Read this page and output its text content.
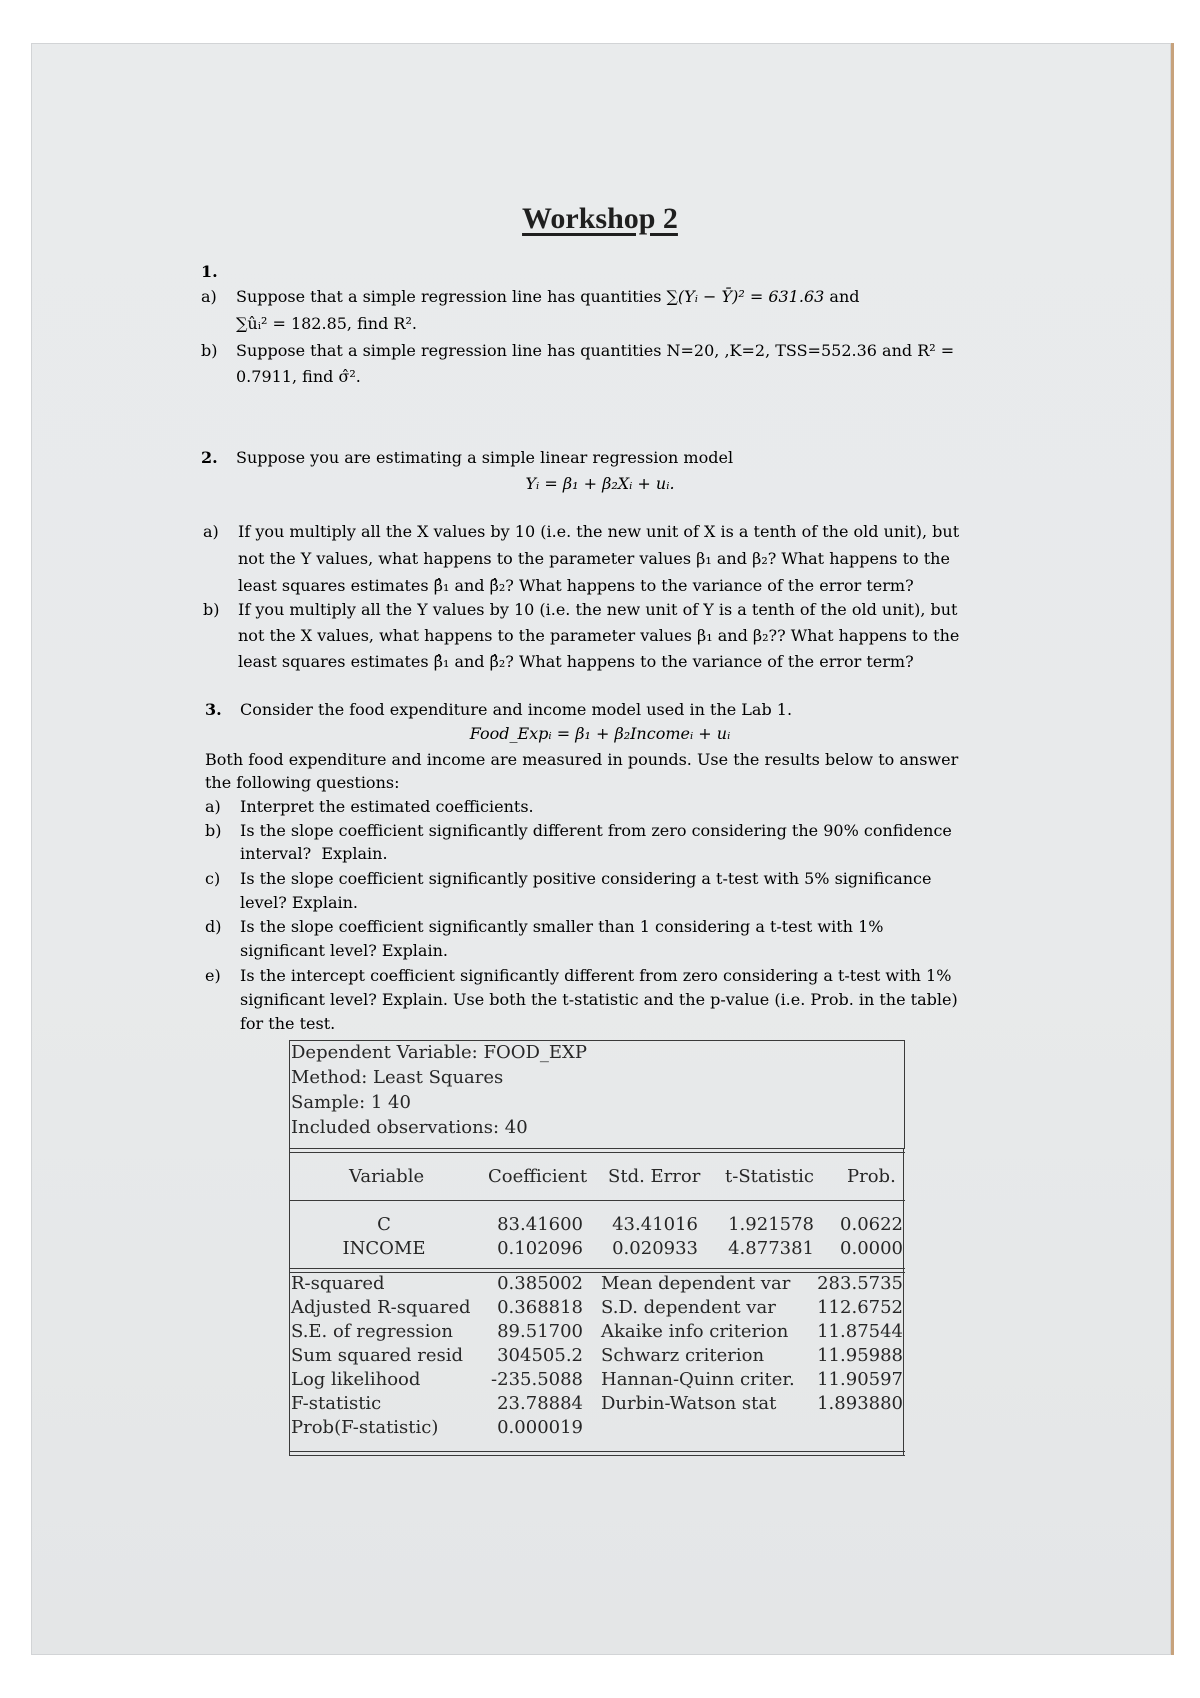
Workshop 2
1.
a) Suppose that a simple regression line has quantities ∑(Yᵢ − Ȳ)² = 631.63 and
∑ûᵢ² = 182.85, find R².
b) Suppose that a simple regression line has quantities N=20, ,K=2, TSS=552.36 and R² =
0.7911, find σ̂².
2. Suppose you are estimating a simple linear regression model
Yᵢ = β₁ + β₂Xᵢ + uᵢ.
a) If you multiply all the X values by 10 (i.e. the new unit of X is a tenth of the old unit), but
not the Y values, what happens to the parameter values β₁ and β₂? What happens to the
least squares estimates β̂₁ and β̂₂? What happens to the variance of the error term?
b) If you multiply all the Y values by 10 (i.e. the new unit of Y is a tenth of the old unit), but
not the X values, what happens to the parameter values β₁ and β₂?? What happens to the
least squares estimates β̂₁ and β̂₂? What happens to the variance of the error term?
3. Consider the food expenditure and income model used in the Lab 1.
Food_Expᵢ = β₁ + β₂Incomeᵢ + uᵢ
Both food expenditure and income are measured in pounds. Use the results below to answer
the following questions:
a) Interpret the estimated coefficients.
b) Is the slope coefficient significantly different from zero considering the 90% confidence
interval?  Explain.
c) Is the slope coefficient significantly positive considering a t-test with 5% significance
level? Explain.
d) Is the slope coefficient significantly smaller than 1 considering a t-test with 1%
significant level? Explain.
e) Is the intercept coefficient significantly different from zero considering a t-test with 1%
significant level? Explain. Use both the t-statistic and the p-value (i.e. Prob. in the table)
for the test.
Dependent Variable: FOOD_EXP
Method: Least Squares
Sample: 1 40
Included observations: 40
Variable	Coefficient Std. Error t-Statistic Prob.
C	83.41600 43.41016 1.921578 0.0622
INCOME	0.102096 0.020933 4.877381 0.0000
R-squared	0.385002 Mean dependent var 283.5735
Adjusted R-squared 0.368818 S.D. dependent var 112.6752
S.E. of regression 89.51700 Akaike info criterion 11.87544
Sum squared resid 304505.2 Schwarz criterion	11.95988
Log likelihood	-235.5088 Hannan-Quinn criter. 11.90597
F-statistic	23.78884 Durbin-Watson stat 1.893880
Prob(F-statistic)	0.000019
